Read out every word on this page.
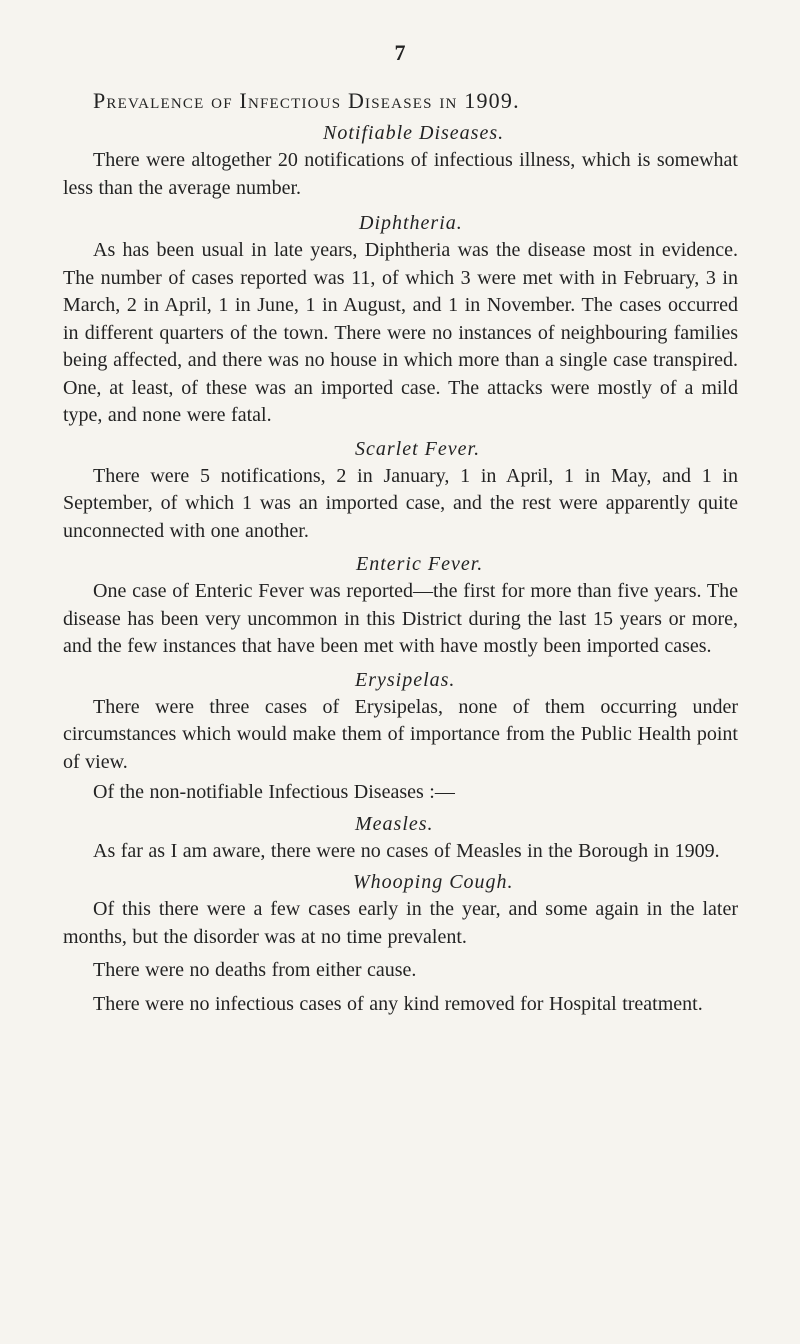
7
Prevalence of Infectious Diseases in 1909.
Notifiable Diseases.

There were altogether 20 notifications of infectious illness, which is somewhat less than the average number.

Diphtheria.

As has been usual in late years, Diphtheria was the disease most in evidence. The number of cases reported was 11, of which 3 were met with in February, 3 in March, 2 in April, 1 in June, 1 in August, and 1 in November. The cases occurred in different quarters of the town. There were no instances of neighbouring families being affected, and there was no house in which more than a single case transpired. One, at least, of these was an imported case. The attacks were mostly of a mild type, and none were fatal.

Scarlet Fever.

There were 5 notifications, 2 in January, 1 in April, 1 in May, and 1 in September, of which 1 was an imported case, and the rest were apparently quite unconnected with one another.

Enteric Fever.

One case of Enteric Fever was reported—the first for more than five years. The disease has been very uncommon in this District during the last 15 years or more, and the few instances that have been met with have mostly been imported cases.

Erysipelas.

There were three cases of Erysipelas, none of them occurring under circumstances which would make them of importance from the Public Health point of view.

Of the non-notifiable Infectious Diseases :—

Measles.

As far as I am aware, there were no cases of Measles in the Borough in 1909.

Whooping Cough.

Of this there were a few cases early in the year, and some again in the later months, but the disorder was at no time prevalent.

There were no deaths from either cause.

There were no infectious cases of any kind removed for Hospital treatment.
